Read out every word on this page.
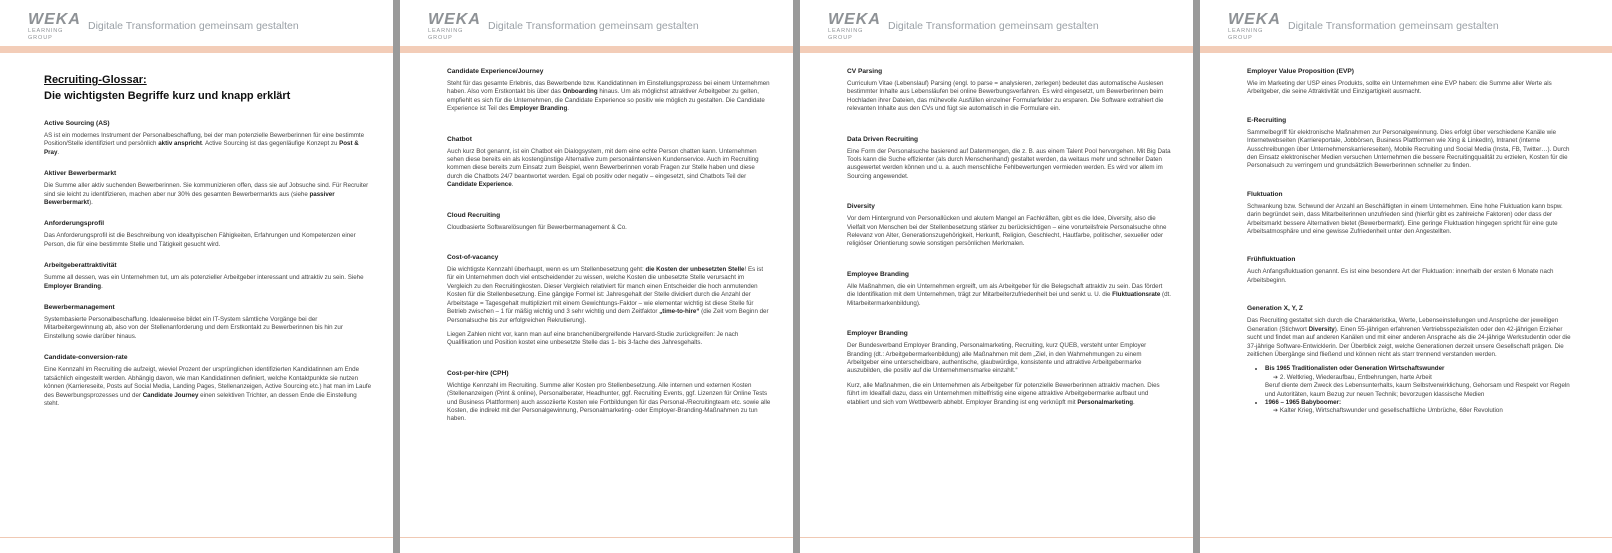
WEKA
LEARNING GROUP
Digitale Transformation gemeinsam gestalten
Recruiting-Glossar:
Die wichtigsten Begriffe kurz und knapp erklärt
Active Sourcing (AS)

AS ist ein modernes Instrument der Personalbeschaffung, bei der man potenzielle Bewerberinnen für eine bestimmte Position/Stelle identifiziert und persönlich aktiv anspricht. Active Sourcing ist das gegenläufige Konzept zu Post & Pray.

Aktiver Bewerbermarkt

Die Summe aller aktiv suchenden Bewerberinnen. Sie kommunizieren offen, dass sie auf Jobsuche sind. Für Recruiter sind sie leicht zu identifizieren, machen aber nur 30% des gesamten Bewerbermarkts aus (siehe passiver Bewerbermarkt).

Anforderungsprofil

Das Anforderungsprofil ist die Beschreibung von idealtypischen Fähigkeiten, Erfahrungen und Kompetenzen einer Person, die für eine bestimmte Stelle und Tätigkeit gesucht wird.

Arbeitgeberattraktivität

Summe all dessen, was ein Unternehmen tut, um als potenzieller Arbeitgeber interessant und attraktiv zu sein. Siehe Employer Branding.

Bewerbermanagement

Systembasierte Personalbeschaffung. Idealerweise bildet ein IT-System sämtliche Vorgänge bei der Mitarbeitergewinnung ab, also von der Stellenanforderung und dem Erstkontakt zu Bewerberinnen bis hin zur Einstellung sowie darüber hinaus.

Candidate-conversion-rate

Eine Kennzahl im Recruiting die aufzeigt, wieviel Prozent der ursprünglichen identifizierten Kandidatinnen am Ende tatsächlich eingestellt werden. Abhängig davon, wie man Kandidatinnen definiert, welche Kontaktpunkte sie nutzen können (Karriereseite, Posts auf Social Media, Landing Pages, Stellenanzeigen, Active Sourcing etc.) hat man im Laufe des Bewerbungsprozesses und der Candidate Journey einen selektiven Trichter, an dessen Ende die Einstellung steht.

WEKA
LEARNING GROUP
Digitale Transformation gemeinsam gestalten
Candidate Experience/Journey

Steht für das gesamte Erlebnis, das Bewerbende bzw. Kandidatinnen im Einstellungsprozess bei einem Unternehmen haben. Also vom Erstkontakt bis über das Onboarding hinaus. Um als möglichst attraktiver Arbeitgeber zu gelten, empfiehlt es sich für die Unternehmen, die Candidate Experience so positiv wie möglich zu gestalten. Die Candidate Experience ist Teil des Employer Branding.

Chatbot

Auch kurz Bot genannt, ist ein Chatbot ein Dialogsystem, mit dem eine echte Person chatten kann. Unternehmen sehen diese bereits ein als kostengünstige Alternative zum personalintensiven Kundenservice. Auch im Recruiting kommen diese bereits zum Einsatz zum Beispiel, wenn Bewerberinnen vorab Fragen zur Stelle haben und diese durch die Chatbots 24/7 beantwortet werden. Egal ob positiv oder negativ – eingesetzt, sind Chatbots Teil der Candidate Experience.

Cloud Recruiting

Cloudbasierte Softwarelösungen für Bewerbermanagement & Co.

Cost-of-vacancy

Die wichtigste Kennzahl überhaupt, wenn es um Stellenbesetzung geht: die Kosten der unbesetzten Stelle! Es ist für ein Unternehmen doch viel entscheidender zu wissen, welche Kosten die unbesetzte Stelle verursacht im Vergleich zu den Recruitingkosten. Dieser Vergleich relativiert für manch einen Entscheider die hoch anmutenden Kosten für die Stellenbesetzung. Eine gängige Formel ist: Jahresgehalt der Stelle dividiert durch die Anzahl der Arbeitstage = Tagesgehalt multipliziert mit einem Gewichtungs-Faktor – wie elementar wichtig ist diese Stelle für Betrieb zwischen – 1 für mäßig wichtig und 3 sehr wichtig und dem Zeitfaktor „time-to-hire“ (die Zeit vom Beginn der Personalsuche bis zur erfolgreichen Rekrutierung).

Liegen Zahlen nicht vor, kann man auf eine branchenübergreifende Harvard-Studie zurückgreifen: Je nach Qualifikation und Position kostet eine unbesetzte Stelle das 1- bis 3-fache des Jahresgehalts.

Cost-per-hire (CPH)

Wichtige Kennzahl im Recruiting. Summe aller Kosten pro Stellenbesetzung. Alle internen und externen Kosten (Stellenanzeigen (Print & online), Personalberater, Headhunter, ggf. Recruiting Events, ggf. Lizenzen für Online Tests und Business Plattformen) auch assoziierte Kosten wie Fortbildungen für das Personal-/Recruitingteam etc. sowie alle Kosten, die indirekt mit der Personalgewinnung, Personalmarketing- oder Employer-Branding-Maßnahmen zu tun haben.

WEKA
LEARNING GROUP
Digitale Transformation gemeinsam gestalten
CV Parsing

Curriculum Vitae (Lebenslauf) Parsing (engl. to parse = analysieren, zerlegen) bedeutet das automatische Auslesen bestimmter Inhalte aus Lebensläufen bei online Bewerbungsverfahren. Es wird eingesetzt, um Bewerberinnen beim Hochladen ihrer Dateien, das mühevolle Ausfüllen einzelner Formularfelder zu ersparen. Die Software extrahiert die relevanten Inhalte aus den CVs und fügt sie automatisch in die Formulare ein.

Data Driven Recruiting

Eine Form der Personalsuche basierend auf Datenmengen, die z. B. aus einem Talent Pool hervorgehen. Mit Big Data Tools kann die Suche effizienter (als durch Menschenhand) gestaltet werden, da weitaus mehr und schneller Daten ausgewertet werden können und u. a. auch menschliche Fehlbewertungen vermieden werden. Es wird vor allem im Sourcing angewendet.

Diversity

Vor dem Hintergrund von Personallücken und akutem Mangel an Fachkräften, gibt es die Idee, Diversity, also die Vielfalt von Menschen bei der Stellenbesetzung stärker zu berücksichtigen – eine vorurteilsfreie Personalsuche ohne Relevanz von Alter, Generationszugehörigkeit, Herkunft, Religion, Geschlecht, Hautfarbe, politischer, sexueller oder religiöser Orientierung sowie sonstigen persönlichen Merkmalen.

Employee Branding

Alle Maßnahmen, die ein Unternehmen ergreift, um als Arbeitgeber für die Belegschaft attraktiv zu sein. Das fördert die Identifikation mit dem Unternehmen, trägt zur Mitarbeiterzufriedenheit bei und senkt u. U. die Fluktuationsrate (dt. Mitarbeitermarkenbildung).

Employer Branding

Der Bundesverband Employer Branding, Personalmarketing, Recruiting, kurz QUEB, versteht unter Employer Branding (dt.: Arbeitgebermarkenbildung) alle Maßnahmen mit dem „Ziel, in den Wahrnehmungen zu einem Arbeitgeber eine unterscheidbare, authentische, glaubwürdige, konsistente und attraktive Arbeitgebermarke auszubilden, die positiv auf die Unternehmensmarke einzahlt.“

Kurz, alle Maßnahmen, die ein Unternehmen als Arbeitgeber für potenzielle Bewerberinnen attraktiv machen. Dies führt im Idealfall dazu, dass ein Unternehmen mittelfristig eine eigene attraktive Arbeitgebermarke aufbaut und etabliert und sich vom Wettbewerb abhebt. Employer Branding ist eng verknüpft mit Personalmarketing.

WEKA
LEARNING GROUP
Digitale Transformation gemeinsam gestalten
Employer Value Proposition (EVP)

Wie im Marketing der USP eines Produkts, sollte ein Unternehmen eine EVP haben: die Summe aller Werte als Arbeitgeber, die seine Attraktivität und Einzigartigkeit ausmacht.

E-Recruiting

Sammelbegriff für elektronische Maßnahmen zur Personalgewinnung. Dies erfolgt über verschiedene Kanäle wie Internetwebseiten (Karriereportale, Jobbörsen, Business Plattformen wie Xing & LinkedIn), Intranet (interne Ausschreibungen über Unternehmenskarriereseiten), Mobile Recruiting und Social Media (Insta, FB, Twitter…). Durch den Einsatz elektronischer Medien versuchen Unternehmen die bessere Recruitingqualität zu erzielen, Kosten für die Personalsuch zu verringern und grundsätzlich Bewerberinnen schneller zu finden.

Fluktuation

Schwankung bzw. Schwund der Anzahl an Beschäftigten in einem Unternehmen. Eine hohe Fluktuation kann bspw. darin begründet sein, dass Mitarbeiterinnen unzufrieden sind (hierfür gibt es zahlreiche Faktoren) oder dass der Arbeitsmarkt bessere Alternativen bietet (Bewerbermarkt). Eine geringe Fluktuation hingegen spricht für eine gute Arbeitsatmosphäre und eine gewisse Zufriedenheit unter den Angestellten.

Frühfluktuation

Auch Anfangsfluktuation genannt. Es ist eine besondere Art der Fluktuation: innerhalb der ersten 6 Monate nach Arbeitsbeginn.

Generation X, Y, Z

Das Recruiting gestaltet sich durch die Charakteristika, Werte, Lebenseinstellungen und Ansprüche der jeweiligen Generation (Stichwort Diversity). Einen 55-jährigen erfahrenen Vertriebsspezialisten oder den 42-jährigen Erzieher sucht und findet man auf anderen Kanälen und mit einer anderen Ansprache als die 24-jährige Werkstudentin oder die 37-jährige Software-Entwicklerin. Der Überblick zeigt, welche Generationen derzeit unsere Gesellschaft prägen. Die zeitlichen Übergänge sind fließend und können nicht als starr trennend verstanden werden.

• Bis 1965 Traditionalisten oder Generation Wirtschaftswunder
➔ 2. Weltkrieg, Wiederaufbau, Entbehrungen, harte Arbeit
Beruf diente dem Zweck des Lebensunterhalts, kaum Selbstverwirklichung, Gehorsam und Respekt vor Regeln und Autoritäten, kaum Bezug zur neuen Technik; bevorzugen klassische Medien
• 1966 – 1965 Babyboomer:
➔ Kalter Krieg, Wirtschaftswunder und gesellschaftliche Umbrüche, 68er Revolution
